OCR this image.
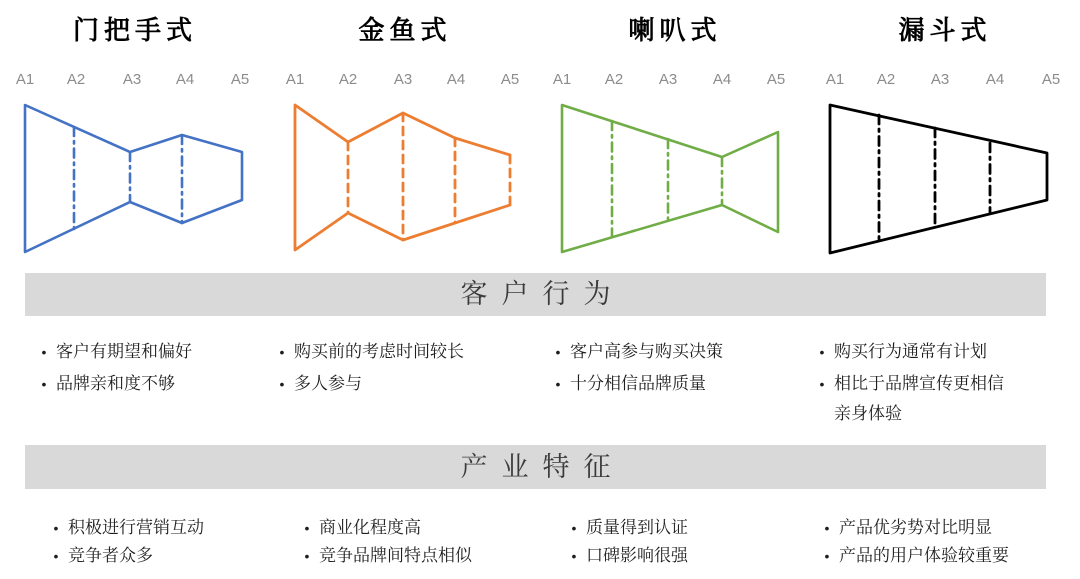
门把手式
A1 A2	A3 A4 A5
金鱼式
A1 A2 A3 A4 A5
喇叭式
A1 A2 A3 A4 A5
漏斗式
A1 A2 A3 A4	A5
客户行为
• 客户有期望和偏好
• 品牌亲和度不够
• 购买前的考虑时间较长
• 多人参与
• 客户高参与购买决策
• 十分相信品牌质量
• 购买行为通常有计划
• 相比于品牌宣传更相信亲身体验
产业特征
• 积极进行营销互动
• 竞争者众多
• 商业化程度高
• 竞争品牌间特点相似
• 质量得到认证
• 口碑影响很强
• 产品优劣势对比明显
• 产品的用户体验较重要
